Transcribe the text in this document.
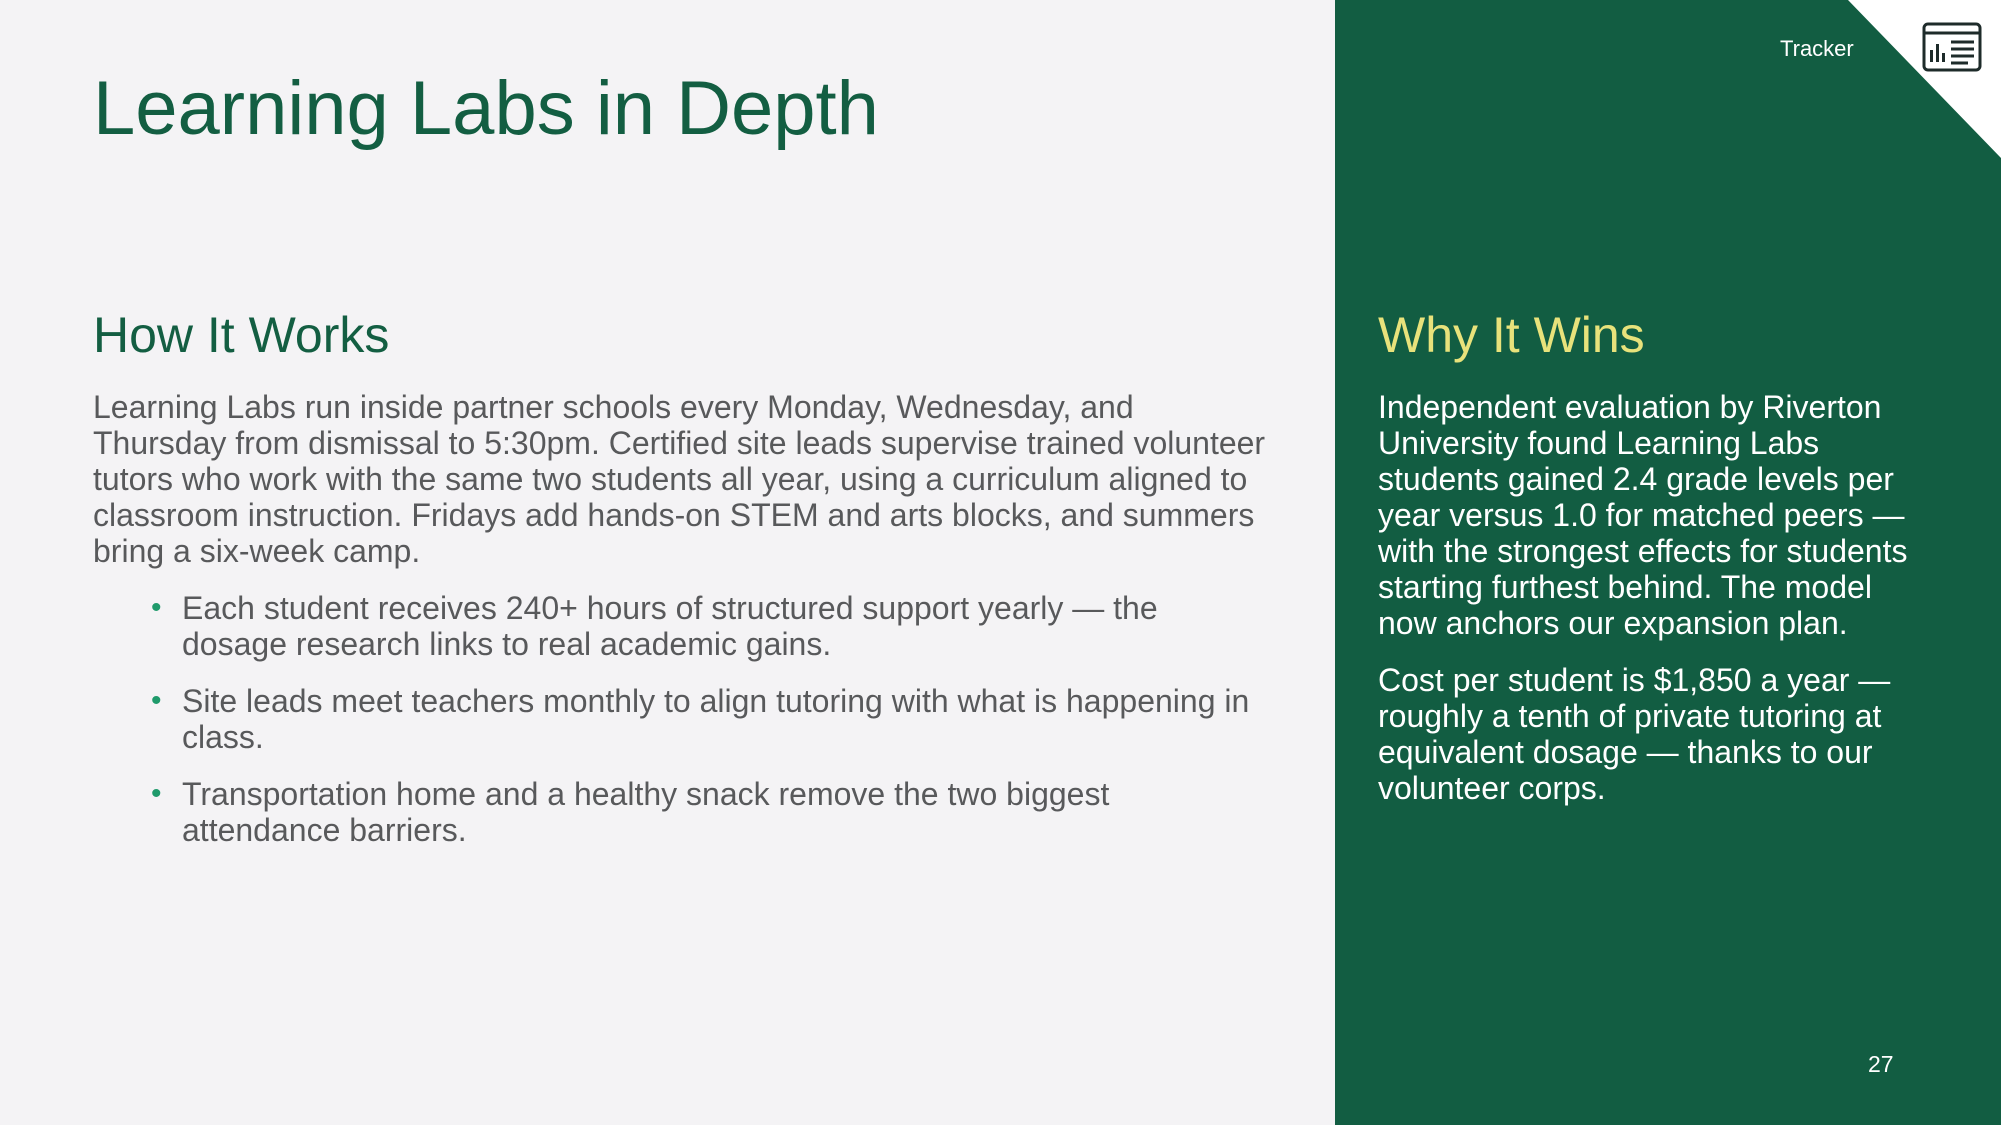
Learning Labs in Depth
How It Works

Learning Labs run inside partner schools every Monday, Wednesday, and Thursday from dismissal to 5:30pm. Certified site leads supervise trained volunteer tutors who work with the same two students all year, using a curriculum aligned to classroom instruction. Fridays add hands-on STEM and arts blocks, and summers bring a six-week camp.

• Each student receives 240+ hours of structured support yearly — the dosage research links to real academic gains.
• Site leads meet teachers monthly to align tutoring with what is happening in class.
• Transportation home and a healthy snack remove the two biggest attendance barriers.
Tracker
Why It Wins

Independent evaluation by Riverton University found Learning Labs students gained 2.4 grade levels per year versus 1.0 for matched peers — with the strongest effects for students starting furthest behind. The model now anchors our expansion plan.

Cost per student is $1,850 a year — roughly a tenth of private tutoring at equivalent dosage — thanks to our volunteer corps.

27
